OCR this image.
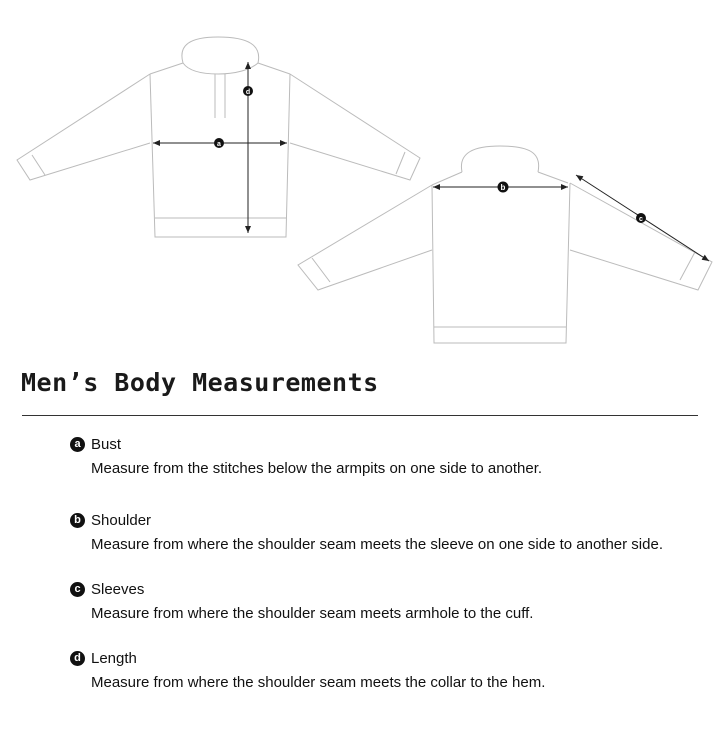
a
d
b
c
Men’s Body Measurements
a Bust
Measure from the stitches below the armpits on one side to another.
b Shoulder
Measure from where the shoulder seam meets the sleeve on one side to another side.
c Sleeves
Measure from where the shoulder seam meets armhole to the cuff.
d Length
Measure from where the shoulder seam meets the collar to the hem.
